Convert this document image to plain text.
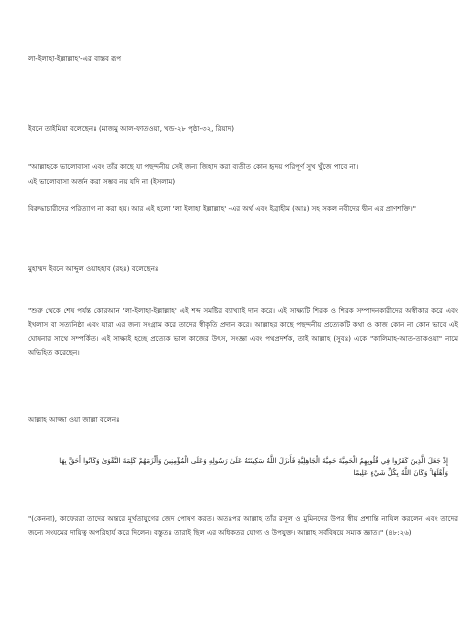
লা-ইলাহা-ইল্লাল্লাহ'-এর বাস্তব রূপ
ইবনে তাইমিয়া বলেছেনঃ (মাজমু আল-ফাতওয়া, খন্ড-২৮ পৃষ্ঠা-৩২, রিয়াদ)
"আল্লাহকে ভালোবাসা এবং তাঁর কাছে যা পছন্দনীয় সেই জন্য জিহাদ করা ব্যতীত কোন হৃদয় পরিপূর্ণ সুখ খুঁজে পাবে না।
এই ভালোবাসা অর্জন করা সম্ভব নয় যদি না (ইসলাম)
বিরুদ্ধাচারীদের পরিত্যাগ না করা হয়। আর এই হলো 'লা ইলাহা ইল্লাল্লাহ' -এর অর্থ এবং ইব্রাহীম (আঃ) সহ সকল নবীদের দ্বীন এর প্রাণশক্তি।"
মুহাম্মদ ইবনে আব্দুল ওয়াহহাব (রহঃ) বলেছেনঃ
"শুরু থেকে শেষ পর্যন্ত কোরআন 'লা-ইলাহা-ইল্লাল্লাহ' এই শব্দ সমষ্টির ব্যাখ্যাই দান করে। এই সাক্ষ্যটি শিরক ও শিরক সম্পাদনকারীদের অস্বীকার করে এবং ইখলাস বা সত্যনিষ্ঠা এবং যারা এর জন্য সংগ্রাম করে তাদের স্বীকৃতি প্রদান করে। আল্লাহর কাছে পছন্দনীয় প্রত্যেকটি কথা ও কাজ কোন না কোন ভাবে এই ঘোষনার সাথে সম্পর্কিত। এই সাক্ষ্যই হচ্ছে প্রত্যেক ভাল কাজের উৎস, সংজ্ঞা এবং পথপ্রদর্শক, তাই আল্লাহ (সুবঃ) একে "কালিমাহ-আত-তাকওয়া" নামে অভিহিত করেছেন।
আল্লাহ আজ্জা ওয়া জাল্লা বলেনঃ
إِذْ جَعَلَ الَّذِينَ كَفَرُوا فِي قُلُوبِهِمُ الْحَمِيَّةَ حَمِيَّةَ الْجَاهِلِيَّةِ فَأَنزَلَ اللَّهُ سَكِينَتَهُ عَلَىٰ رَسُولِهِ وَعَلَى الْمُؤْمِنِينَ وَأَلْزَمَهُمْ كَلِمَةَ التَّقْوَىٰ وَكَانُوا أَحَقَّ بِهَا
وَأَهْلَهَا ۚ وَكَانَ اللَّهُ بِكُلِّ شَيْءٍ عَلِيمًا
"(কেননা), কাফেররা তাদের অন্তরে মূর্খতাযুগের জেদ পোষণ করত। অতঃপর আল্লাহ তাঁর রসূল ও মুমিনদের উপর স্বীয় প্রশান্তি নাযিল করলেন এবং তাদের জন্যে সংযমের দায়িত্ব অপরিহার্য করে দিলেন। বস্তুতঃ তারাই ছিল এর অধিকতর যোগ্য ও উপযুক্ত। আল্লাহ সর্ববিষয়ে সম্যক জ্ঞাত।" (৪৮:২৬)
